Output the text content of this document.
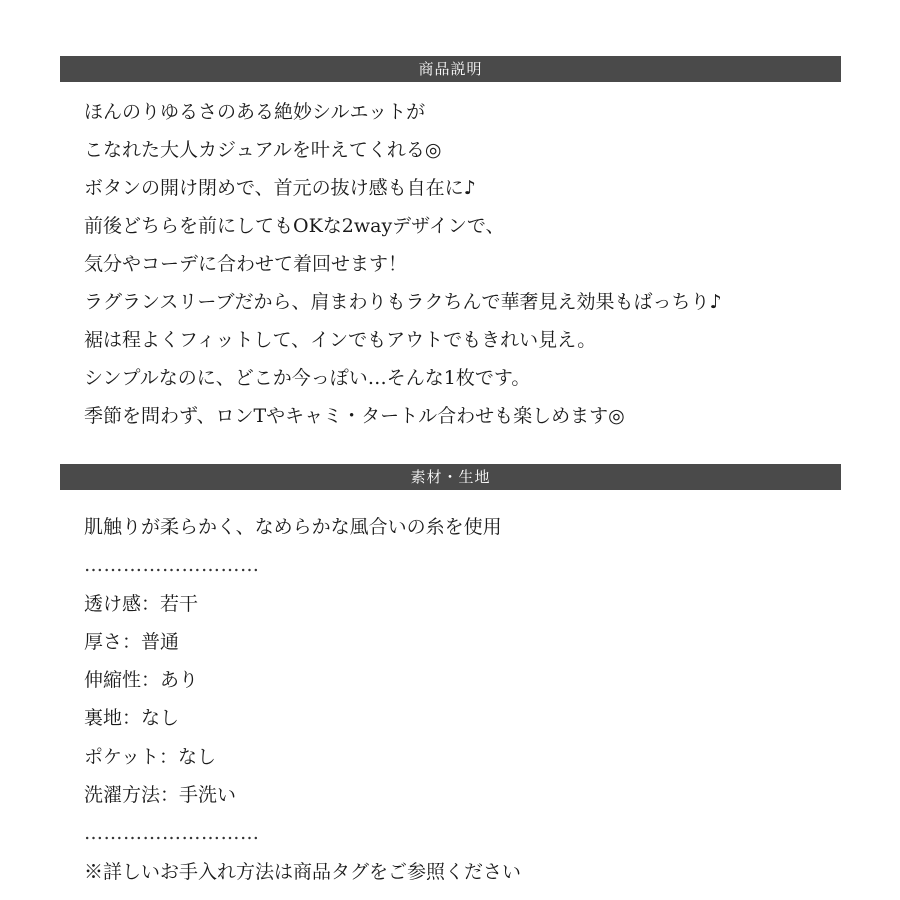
商品説明
ほんのりゆるさのある絶妙シルエットが
こなれた大人カジュアルを叶えてくれる◎
ボタンの開け閉めで、首元の抜け感も自在に♪
前後どちらを前にしてもOKな2wayデザインで、
気分やコーデに合わせて着回せます！
ラグランスリーブだから、肩まわりもラクちんで華奢見え効果もばっちり♪
裾は程よくフィットして、インでもアウトでもきれい見え。
シンプルなのに、どこか今っぽい…そんな1枚です。
季節を問わず、ロンTやキャミ・タートル合わせも楽しめます◎
素材・生地
肌触りが柔らかく、なめらかな風合いの糸を使用
………………………
透け感：若干
厚さ：普通
伸縮性：あり
裏地：なし
ポケット：なし
洗濯方法：手洗い
………………………
※詳しいお手入れ方法は商品タグをご参照ください
